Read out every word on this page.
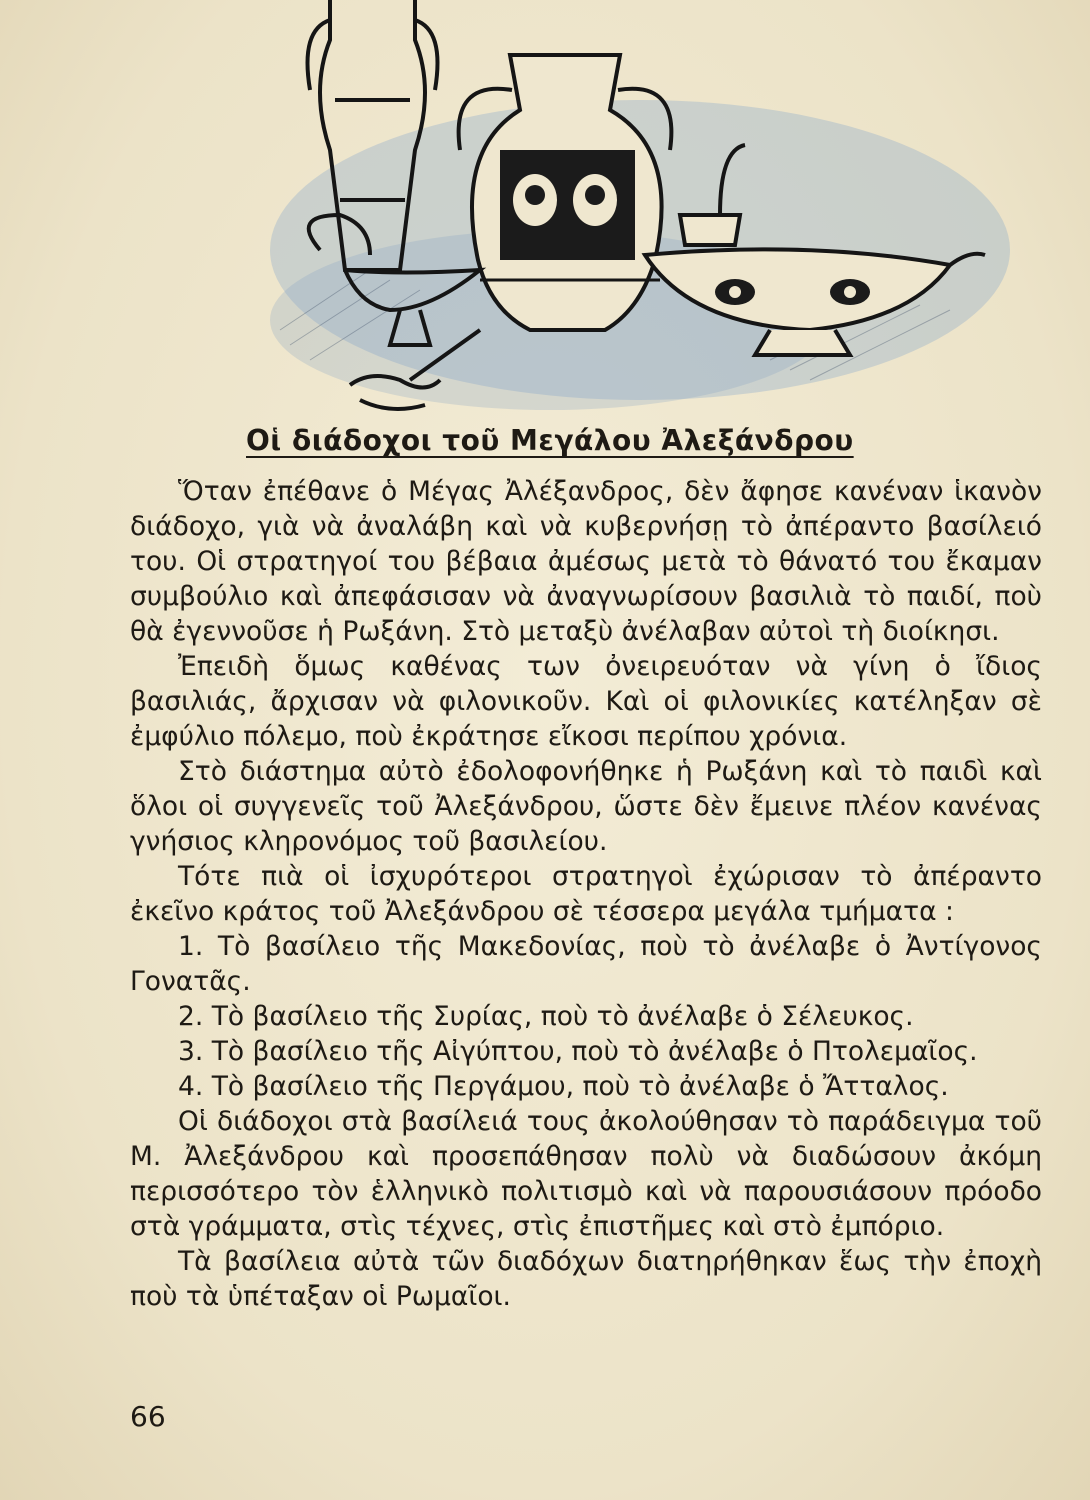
Οἱ διάδοχοι τοῦ Μεγάλου Ἀλεξάνδρου

Ὅταν ἐπέθανε ὁ Μέγας Ἀλέξανδρος, δὲν ἄφησε κανέναν ἱκανὸν διάδοχο, γιὰ νὰ ἀναλάβη καὶ νὰ κυβερνήσῃ τὸ ἀπέραντο βασίλειό του. Οἱ στρατηγοί του βέβαια ἀμέσως μετὰ τὸ θάνατό του ἔκαμαν συμβούλιο καὶ ἀπεφάσισαν νὰ ἀναγνωρίσουν βασιλιὰ τὸ παιδί, ποὺ θὰ ἐγεννοῦσε ἡ Ρωξάνη. Στὸ μεταξὺ ἀνέλαβαν αὐτοὶ τὴ διοίκησι.

Ἐπειδὴ ὅμως καθένας των ὀνειρευόταν νὰ γίνη ὁ ἴδιος βασιλιάς, ἄρχισαν νὰ φιλονικοῦν. Καὶ οἱ φιλονικίες κατέληξαν σὲ ἐμφύλιο πόλεμο, ποὺ ἐκράτησε εἴκοσι περίπου χρόνια.

Στὸ διάστημα αὐτὸ ἐδολοφονήθηκε ἡ Ρωξάνη καὶ τὸ παιδὶ καὶ ὅλοι οἱ συγγενεῖς τοῦ Ἀλεξάνδρου, ὥστε δὲν ἔμεινε πλέον κανένας γνήσιος κληρονόμος τοῦ βασιλείου.

Τότε πιὰ οἱ ἰσχυρότεροι στρατηγοὶ ἐχώρισαν τὸ ἀπέραντο ἐκεῖνο κράτος τοῦ Ἀλεξάνδρου σὲ τέσσερα μεγάλα τμήματα :

1. Τὸ βασίλειο τῆς Μακεδονίας, ποὺ τὸ ἀνέλαβε ὁ Ἀντίγονος Γονατᾶς.

2. Τὸ βασίλειο τῆς Συρίας, ποὺ τὸ ἀνέλαβε ὁ Σέλευκος.

3. Τὸ βασίλειο τῆς Αἰγύπτου, ποὺ τὸ ἀνέλαβε ὁ Πτολεμαῖος.

4. Τὸ βασίλειο τῆς Περγάμου, ποὺ τὸ ἀνέλαβε ὁ Ἄτταλος.

Οἱ διάδοχοι στὰ βασίλειά τους ἀκολούθησαν τὸ παράδειγμα τοῦ Μ. Ἀλεξάνδρου καὶ προσεπάθησαν πολὺ νὰ διαδώσουν ἀκόμη περισσότερο τὸν ἑλληνικὸ πολιτισμὸ καὶ νὰ παρουσιάσουν πρόοδο στὰ γράμματα, στὶς τέχνες, στὶς ἐπιστῆμες καὶ στὸ ἐμπόριο.

Τὰ βασίλεια αὐτὰ τῶν διαδόχων διατηρήθηκαν ἕως τὴν ἐποχὴ ποὺ τὰ ὑπέταξαν οἱ Ρωμαῖοι.

66
